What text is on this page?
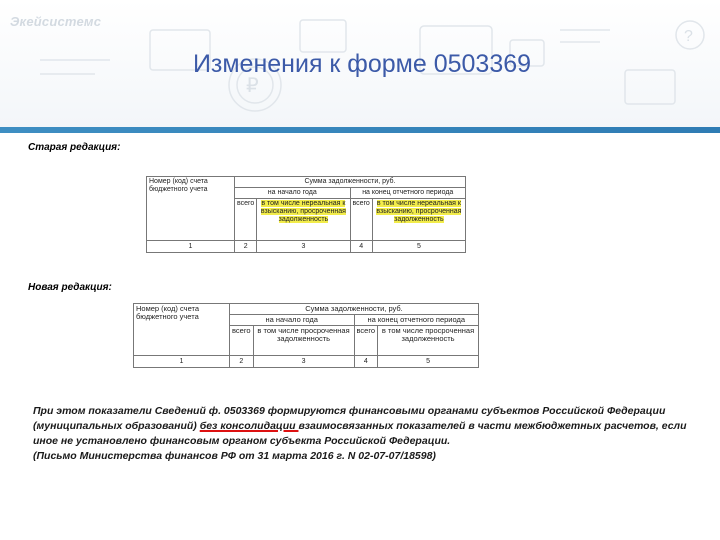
₽
?
Экейсистемс
Изменения к форме 0503369
Старая редакция:
Номер (код) счета бюджетного учета	Сумма задолженности, руб.			
	на начало года		на конец отчетного периода	
	всего	в том числе нереальная к взысканию, просроченная задолженность	всего	в том числе нереальная к взысканию, просроченная задолженность
1	2	3	4	5
Новая редакция:
Номер (код) счета бюджетного учета	Сумма задолженности, руб.			
	на начало года		на конец отчетного периода	
	всего	в том числе просроченная задолженность	всего	в том числе просроченная задолженность
1	2	3	4	5
При этом показатели Сведений ф. 0503369 формируются финансовыми органами субъектов Российской Федерации (муниципальных образований) без консолидации взаимосвязанных показателей в части межбюджетных расчетов, если иное не установлено финансовым органом субъекта Российской Федерации.
(Письмо Министерства финансов РФ от 31 марта 2016 г. N 02-07-07/18598)
